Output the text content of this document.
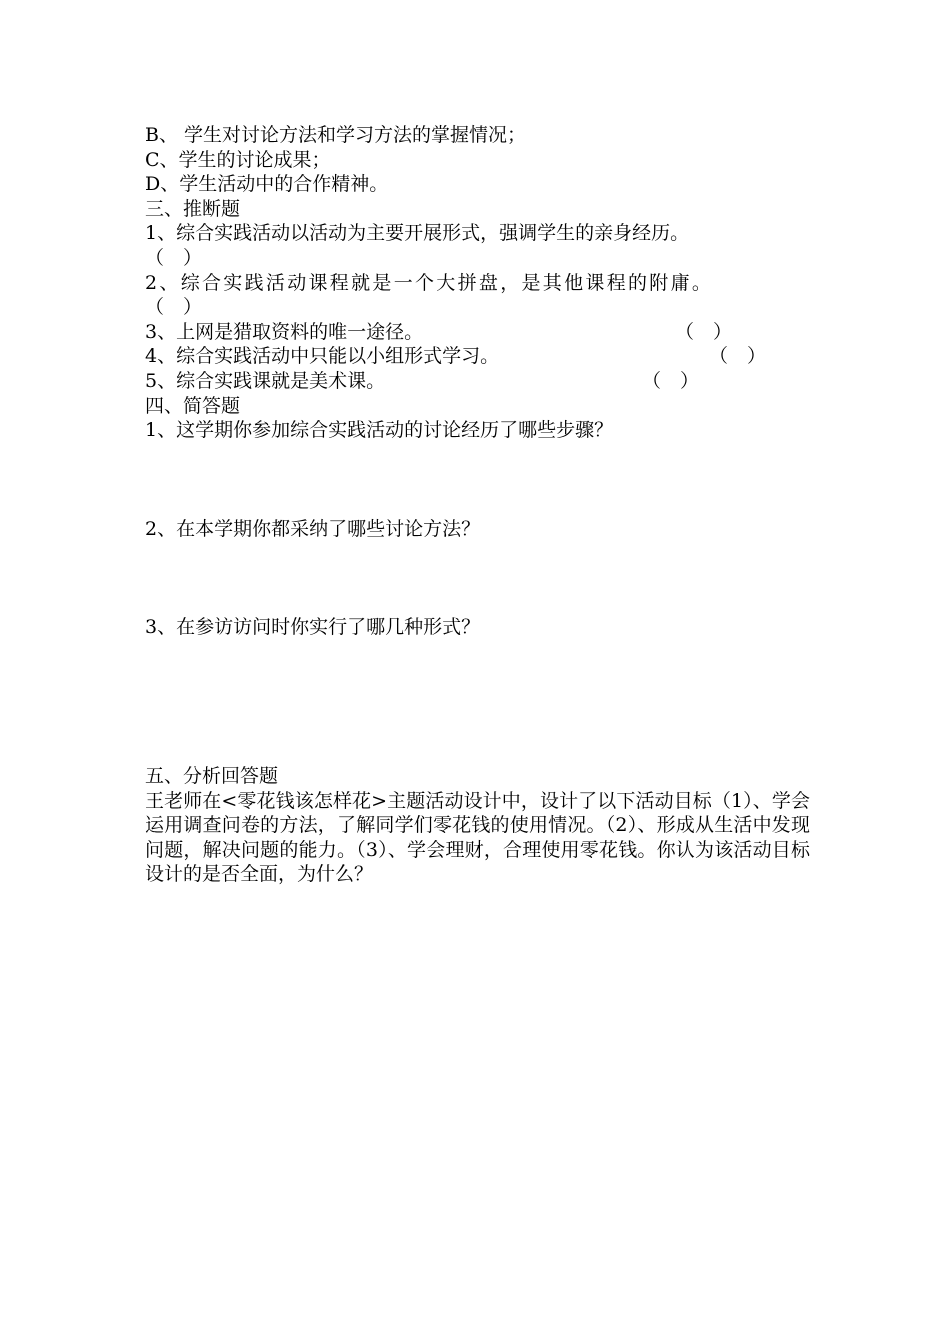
B、 学生对讨论方法和学习方法的掌握情况；
C、学生的讨论成果；
D、学生活动中的合作精神。
三、推断题
1、综合实践活动以活动为主要开展形式，强调学生的亲身经历。
（　）
2、综合实践活动课程就是一个大拼盘，是其他课程的附庸。
（　）
3、上网是猎取资料的唯一途径。	（　）
4、综合实践活动中只能以小组形式学习。	（　）
5、综合实践课就是美术课。	（　）
四、简答题
1、这学期你参加综合实践活动的讨论经历了哪些步骤？
2、在本学期你都采纳了哪些讨论方法？
3、在参访访问时你实行了哪几种形式？
五、分析回答题
王老师在<零花钱该怎样花>主题活动设计中，设计了以下活动目标（1）、学会运用调查问卷的方法，了解同学们零花钱的使用情况。（2）、形成从生活中发现问题，解决问题的能力。（3）、学会理财，合理使用零花钱。你认为该活动目标设计的是否全面，为什么？
